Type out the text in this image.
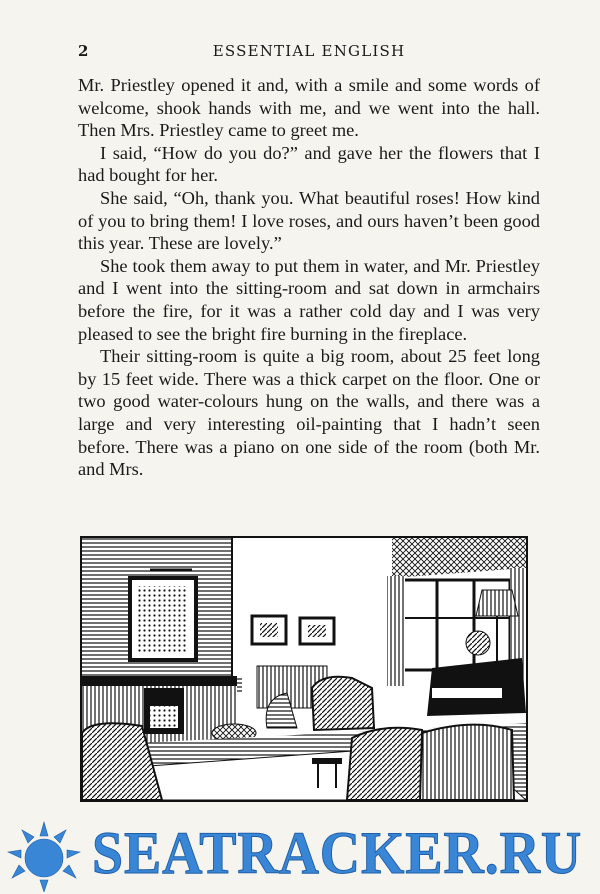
2	ESSENTIAL ENGLISH

Mr. Priestley opened it and, with a smile and some words of welcome, shook hands with me, and we went into the hall. Then Mrs. Priestley came to greet me.

I said, “How do you do?” and gave her the flowers that I had bought for her.

She said, “Oh, thank you. What beautiful roses! How kind of you to bring them! I love roses, and ours haven’t been good this year. These are lovely.”

She took them away to put them in water, and Mr. Priestley and I went into the sitting-room and sat down in armchairs before the fire, for it was a rather cold day and I was very pleased to see the bright fire burning in the fireplace.

Their sitting-room is quite a big room, about 25 feet long by 15 feet wide. There was a thick carpet on the floor. One or two good water-colours hung on the walls, and there was a large and very interesting oil-painting that I hadn’t seen before. There was a piano on one side of the room (both Mr. and Mrs.

SEATRACKER.RU
